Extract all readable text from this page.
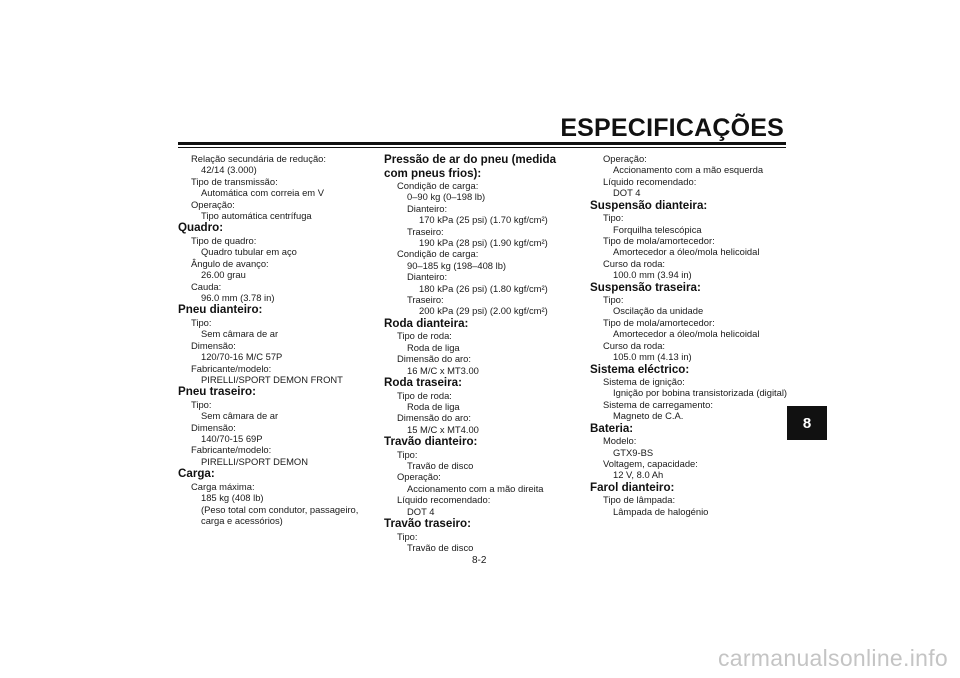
ESPECIFICAÇÕES
8
Relação secundária de redução:
42/14 (3.000)
Tipo de transmissão:
Automática com correia em V
Operação:
Tipo automática centrífuga
Quadro:
Tipo de quadro:
Quadro tubular em aço
Ângulo de avanço:
26.00 grau
Cauda:
96.0 mm (3.78 in)
Pneu dianteiro:
Tipo:
Sem câmara de ar
Dimensão:
120/70-16 M/C 57P
Fabricante/modelo:
PIRELLI/SPORT DEMON FRONT
Pneu traseiro:
Tipo:
Sem câmara de ar
Dimensão:
140/70-15 69P
Fabricante/modelo:
PIRELLI/SPORT DEMON
Carga:
Carga máxima:
185 kg (408 lb)
(Peso total com condutor, passageiro,
carga e acessórios)
Pressão de ar do pneu (medida com pneus frios):
Condição de carga:
0–90 kg (0–198 lb)
Dianteiro:
170 kPa (25 psi) (1.70 kgf/cm²)
Traseiro:
190 kPa (28 psi) (1.90 kgf/cm²)
Condição de carga:
90–185 kg (198–408 lb)
Dianteiro:
180 kPa (26 psi) (1.80 kgf/cm²)
Traseiro:
200 kPa (29 psi) (2.00 kgf/cm²)
Roda dianteira:
Tipo de roda:
Roda de liga
Dimensão do aro:
16 M/C x MT3.00
Roda traseira:
Tipo de roda:
Roda de liga
Dimensão do aro:
15 M/C x MT4.00
Travão dianteiro:
Tipo:
Travão de disco
Operação:
Accionamento com a mão direita
Líquido recomendado:
DOT 4
Travão traseiro:
Tipo:
Travão de disco
Operação:
Accionamento com a mão esquerda
Líquido recomendado:
DOT 4
Suspensão dianteira:
Tipo:
Forquilha telescópica
Tipo de mola/amortecedor:
Amortecedor a óleo/mola helicoidal
Curso da roda:
100.0 mm (3.94 in)
Suspensão traseira:
Tipo:
Oscilação da unidade
Tipo de mola/amortecedor:
Amortecedor a óleo/mola helicoidal
Curso da roda:
105.0 mm (4.13 in)
Sistema eléctrico:
Sistema de ignição:
Ignição por bobina transistorizada (digital)
Sistema de carregamento:
Magneto de C.A.
Bateria:
Modelo:
GTX9-BS
Voltagem, capacidade:
12 V, 8.0 Ah
Farol dianteiro:
Tipo de lâmpada:
Lâmpada de halogénio
8-2
carmanualsonline.info
